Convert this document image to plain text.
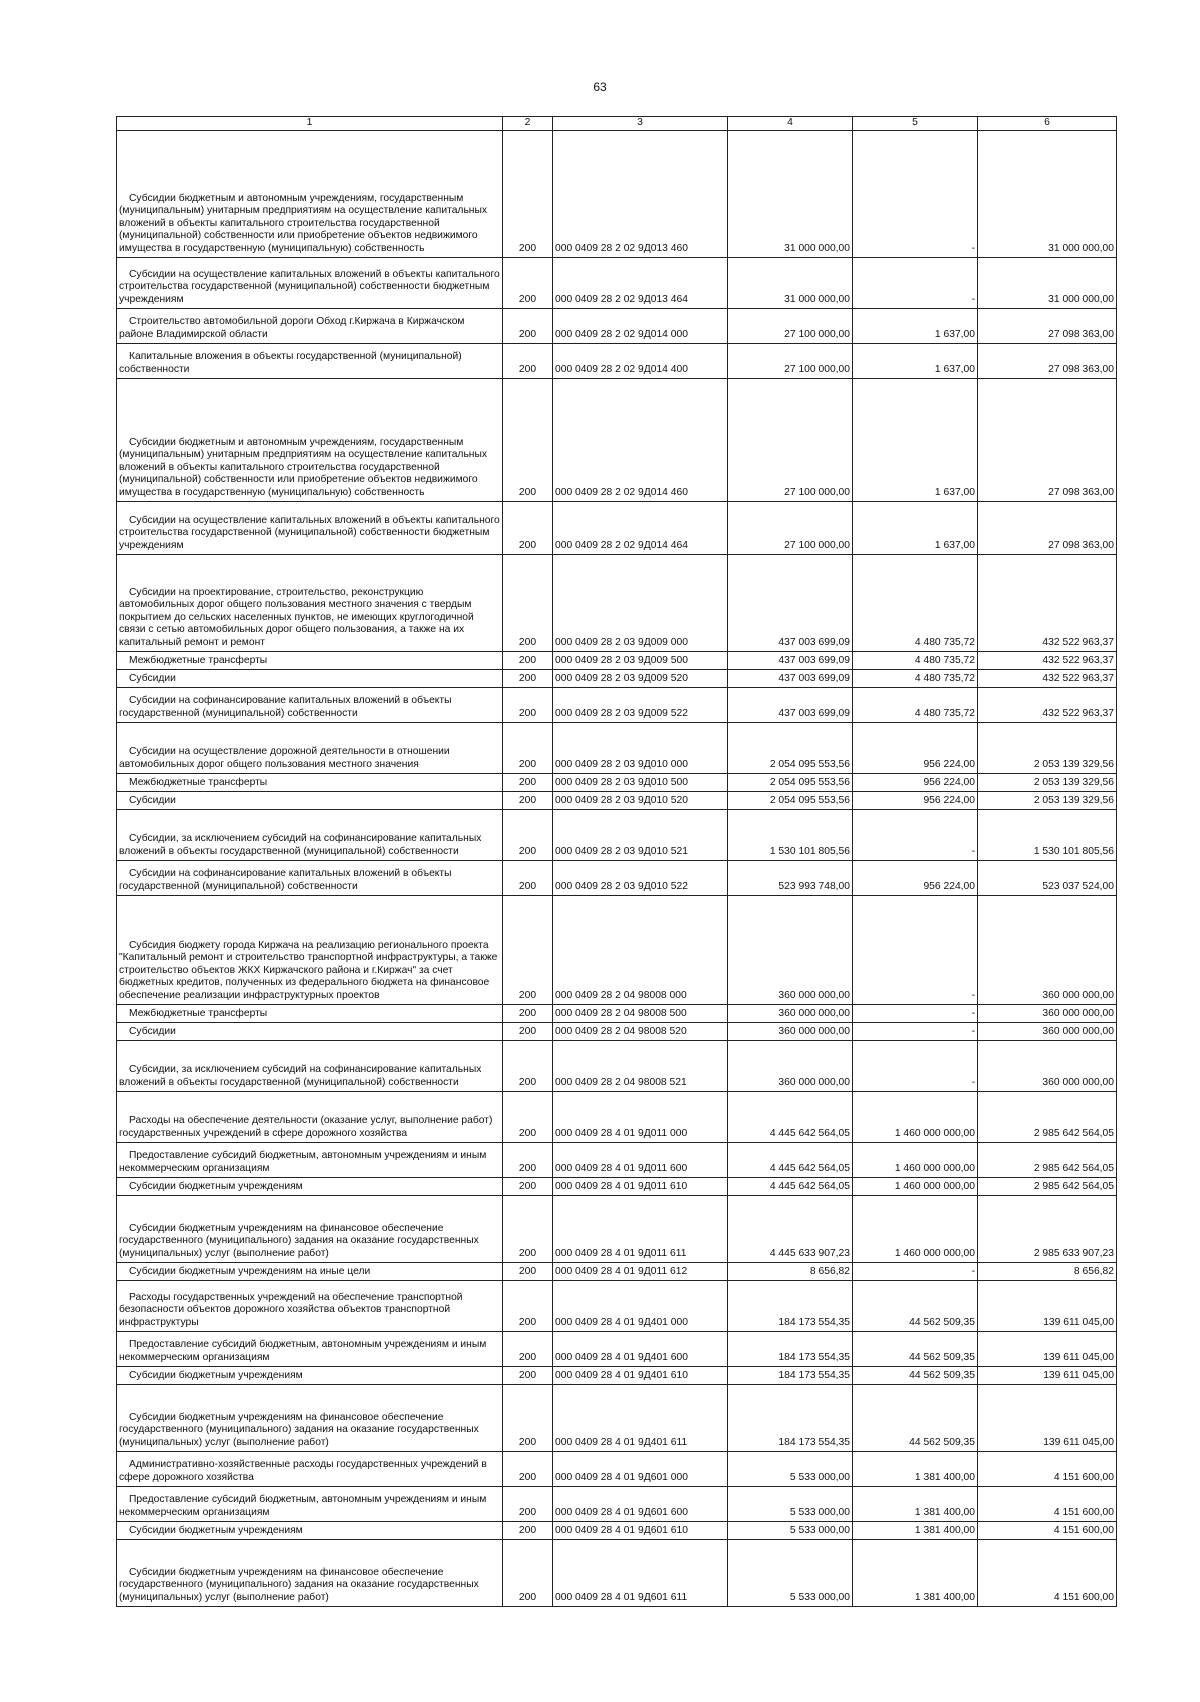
63
1	2	3	4	5	6
Субсидии бюджетным и автономным учреждениям, государственным (муниципальным) унитарным предприятиям на осуществление капитальных вложений в объекты капитального строительства государственной (муниципальной) собственности или приобретение объектов недвижимого имущества в государственную (муниципальную) собственность	200	000 0409 28 2 02 9Д013 460	31 000 000,00	-	31 000 000,00
Субсидии на осуществление капитальных вложений в объекты капитального строительства государственной (муниципальной) собственности бюджетным учреждениям	200	000 0409 28 2 02 9Д013 464	31 000 000,00	-	31 000 000,00
Строительство автомобильной дороги Обход г.Киржача в Киржачском районе Владимирской области	200	000 0409 28 2 02 9Д014 000	27 100 000,00	1 637,00	27 098 363,00
Капитальные вложения в объекты государственной (муниципальной) собственности	200	000 0409 28 2 02 9Д014 400	27 100 000,00	1 637,00	27 098 363,00
Субсидии бюджетным и автономным учреждениям, государственным (муниципальным) унитарным предприятиям на осуществление капитальных вложений в объекты капитального строительства государственной (муниципальной) собственности или приобретение объектов недвижимого имущества в государственную (муниципальную) собственность	200	000 0409 28 2 02 9Д014 460	27 100 000,00	1 637,00	27 098 363,00
Субсидии на осуществление капитальных вложений в объекты капитального строительства государственной (муниципальной) собственности бюджетным учреждениям	200	000 0409 28 2 02 9Д014 464	27 100 000,00	1 637,00	27 098 363,00
Субсидии на проектирование, строительство, реконструкцию автомобильных дорог общего пользования местного значения с твердым покрытием до сельских населенных пунктов, не имеющих круглогодичной связи с сетью автомобильных дорог общего пользования, а также на их капитальный ремонт и ремонт	200	000 0409 28 2 03 9Д009 000	437 003 699,09	4 480 735,72	432 522 963,37
Межбюджетные трансферты	200	000 0409 28 2 03 9Д009 500	437 003 699,09	4 480 735,72	432 522 963,37
Субсидии	200	000 0409 28 2 03 9Д009 520	437 003 699,09	4 480 735,72	432 522 963,37
Субсидии на софинансирование капитальных вложений в объекты государственной (муниципальной) собственности	200	000 0409 28 2 03 9Д009 522	437 003 699,09	4 480 735,72	432 522 963,37
Субсидии на осуществление дорожной деятельности в отношении автомобильных дорог общего пользования местного значения	200	000 0409 28 2 03 9Д010 000	2 054 095 553,56	956 224,00	2 053 139 329,56
Межбюджетные трансферты	200	000 0409 28 2 03 9Д010 500	2 054 095 553,56	956 224,00	2 053 139 329,56
Субсидии	200	000 0409 28 2 03 9Д010 520	2 054 095 553,56	956 224,00	2 053 139 329,56
Субсидии, за исключением субсидий на софинансирование капитальных вложений в объекты государственной (муниципальной) собственности	200	000 0409 28 2 03 9Д010 521	1 530 101 805,56	-	1 530 101 805,56
Субсидии на софинансирование капитальных вложений в объекты государственной (муниципальной) собственности	200	000 0409 28 2 03 9Д010 522	523 993 748,00	956 224,00	523 037 524,00
Субсидия бюджету города Киржача на реализацию регионального проекта "Капитальный ремонт и строительство транспортной инфраструктуры, а также строительство объектов ЖКХ Киржачского района и г.Киржач" за счет бюджетных кредитов, полученных из федерального бюджета на финансовое обеспечение реализации инфраструктурных проектов	200	000 0409 28 2 04 98008 000	360 000 000,00	-	360 000 000,00
Межбюджетные трансферты	200	000 0409 28 2 04 98008 500	360 000 000,00	-	360 000 000,00
Субсидии	200	000 0409 28 2 04 98008 520	360 000 000,00	-	360 000 000,00
Субсидии, за исключением субсидий на софинансирование капитальных вложений в объекты государственной (муниципальной) собственности	200	000 0409 28 2 04 98008 521	360 000 000,00	-	360 000 000,00
Расходы на обеспечение деятельности (оказание услуг, выполнение работ) государственных учреждений в сфере дорожного хозяйства	200	000 0409 28 4 01 9Д011 000	4 445 642 564,05	1 460 000 000,00	2 985 642 564,05
Предоставление субсидий бюджетным, автономным учреждениям и иным некоммерческим организациям	200	000 0409 28 4 01 9Д011 600	4 445 642 564,05	1 460 000 000,00	2 985 642 564,05
Субсидии бюджетным учреждениям	200	000 0409 28 4 01 9Д011 610	4 445 642 564,05	1 460 000 000,00	2 985 642 564,05
Субсидии бюджетным учреждениям на финансовое обеспечение государственного (муниципального) задания на оказание государственных (муниципальных) услуг (выполнение работ)	200	000 0409 28 4 01 9Д011 611	4 445 633 907,23	1 460 000 000,00	2 985 633 907,23
Субсидии бюджетным учреждениям на иные цели	200	000 0409 28 4 01 9Д011 612	8 656,82	-	8 656,82
Расходы государственных учреждений на обеспечение транспортной безопасности объектов дорожного хозяйства объектов транспортной инфраструктуры	200	000 0409 28 4 01 9Д401 000	184 173 554,35	44 562 509,35	139 611 045,00
Предоставление субсидий бюджетным, автономным учреждениям и иным некоммерческим организациям	200	000 0409 28 4 01 9Д401 600	184 173 554,35	44 562 509,35	139 611 045,00
Субсидии бюджетным учреждениям	200	000 0409 28 4 01 9Д401 610	184 173 554,35	44 562 509,35	139 611 045,00
Субсидии бюджетным учреждениям на финансовое обеспечение государственного (муниципального) задания на оказание государственных (муниципальных) услуг (выполнение работ)	200	000 0409 28 4 01 9Д401 611	184 173 554,35	44 562 509,35	139 611 045,00
Административно-хозяйственные расходы государственных учреждений в сфере дорожного хозяйства	200	000 0409 28 4 01 9Д601 000	5 533 000,00	1 381 400,00	4 151 600,00
Предоставление субсидий бюджетным, автономным учреждениям и иным некоммерческим организациям	200	000 0409 28 4 01 9Д601 600	5 533 000,00	1 381 400,00	4 151 600,00
Субсидии бюджетным учреждениям	200	000 0409 28 4 01 9Д601 610	5 533 000,00	1 381 400,00	4 151 600,00
Субсидии бюджетным учреждениям на финансовое обеспечение государственного (муниципального) задания на оказание государственных (муниципальных) услуг (выполнение работ)	200	000 0409 28 4 01 9Д601 611	5 533 000,00	1 381 400,00	4 151 600,00
